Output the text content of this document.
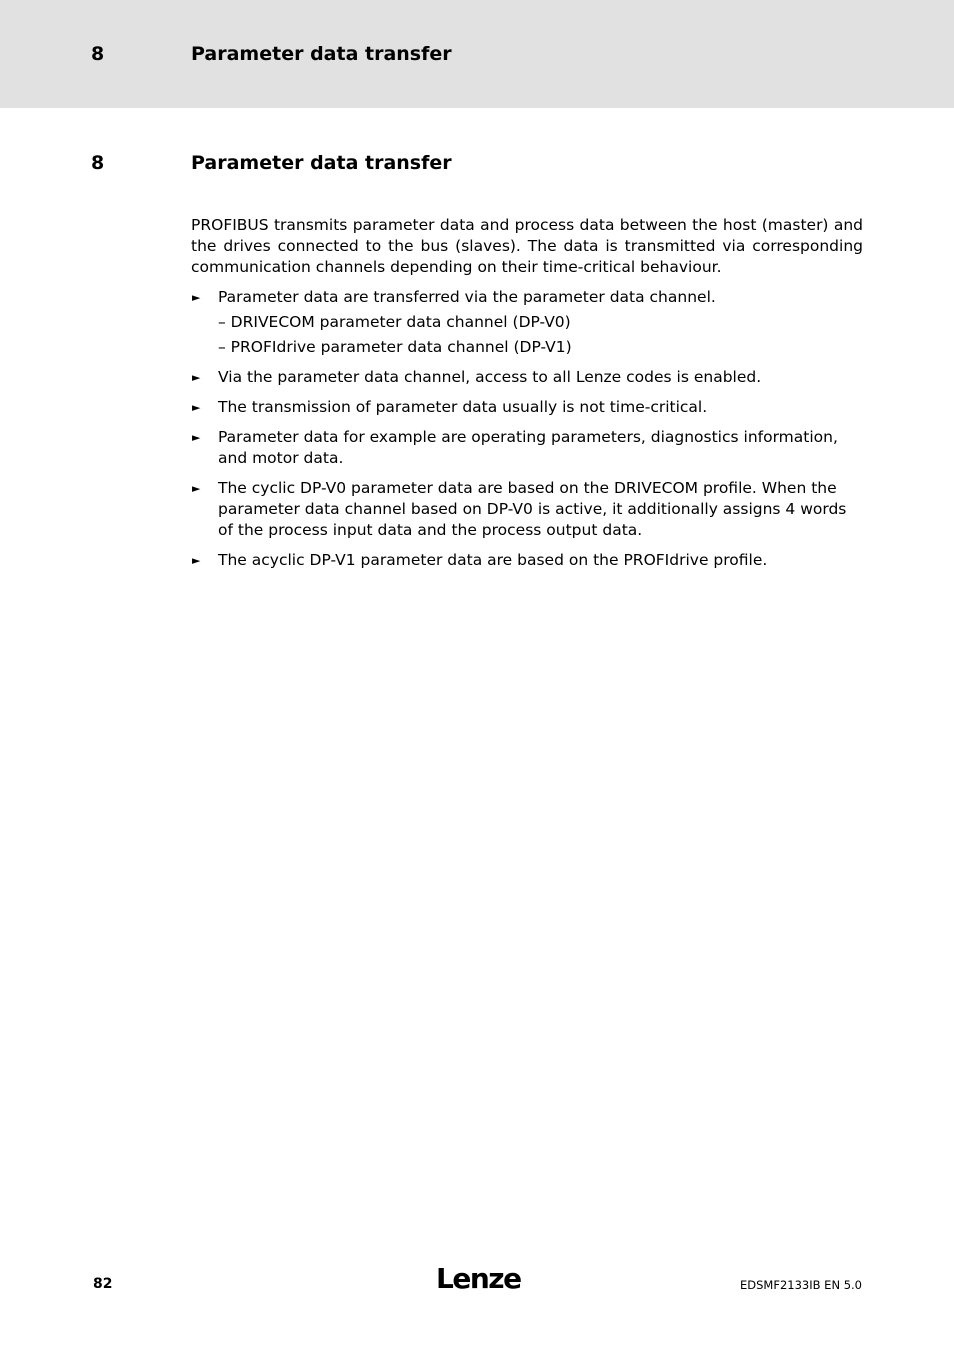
8	Parameter data transfer
8	Parameter data transfer

PROFIBUS transmits parameter data and process data between the host (master) and the drives connected to the bus (slaves). The data is transmitted via corresponding communication channels depending on their time-critical behaviour.

► Parameter data are transferred via the parameter data channel.
– DRIVECOM parameter data channel (DP-V0)
– PROFIdrive parameter data channel (DP-V1)
► Via the parameter data channel, access to all Lenze codes is enabled.
► The transmission of parameter data usually is not time-critical.
► Parameter data for example are operating parameters, diagnostics information, and motor data.
► The cyclic DP-V0 parameter data are based on the DRIVECOM profile. When the parameter data channel based on DP-V0 is active, it additionally assigns 4 words of the process input data and the process output data.
► The acyclic DP-V1 parameter data are based on the PROFIdrive profile.
82	Lenze	EDSMF2133IB EN 5.0
